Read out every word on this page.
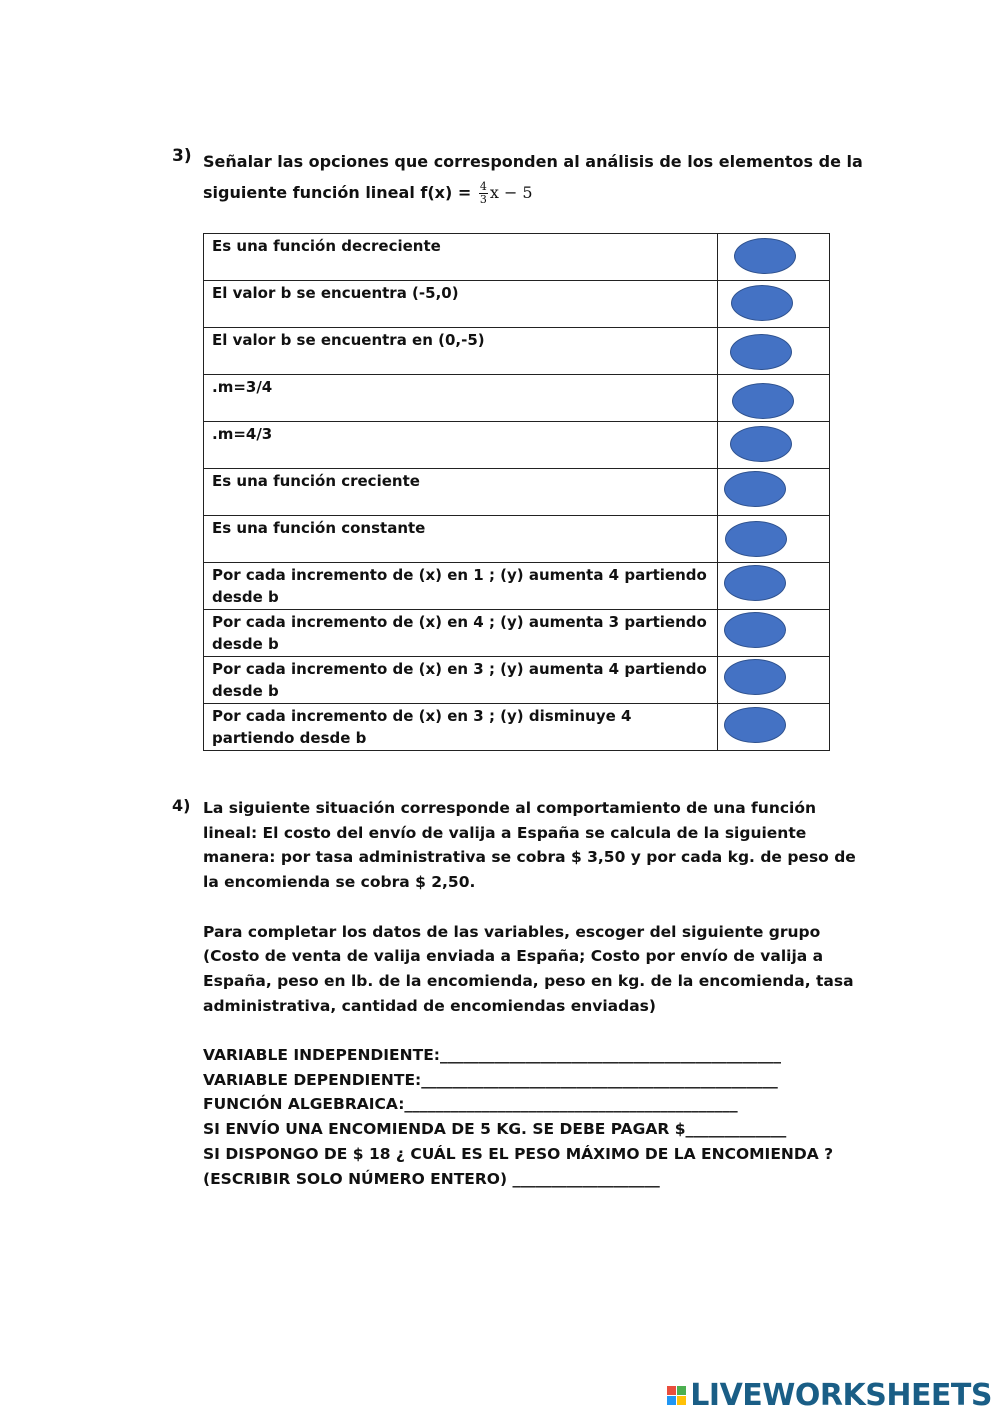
3) Señalar las opciones que corresponden al análisis de los elementos de la
siguiente función lineal $f(x) = \frac{4}{3}$ x − 5
Es una función decreciente	

El valor b se encuentra (-5,0)	

El valor b se encuentra en (0,-5)	

.m=3/4	

.m=4/3	

Es una función creciente	

Es una función constante	

Por cada incremento de (x) en 1 ; (y) aumenta 4 partiendo desde b	

Por cada incremento de (x) en 4 ; (y) aumenta 3 partiendo desde b	

Por cada incremento de (x) en 3 ; (y) aumenta 4 partiendo desde b	

Por cada incremento de (x) en 3 ; (y) disminuye 4 partiendo desde b	
4) La siguiente situación corresponde al comportamiento de una función
lineal: El costo del envío de valija a España se calcula de la siguiente
manera: por tasa administrativa se cobra $ 3,50 y por cada kg. de peso de
la encomienda se cobra $ 2,50.
Para completar los datos de las variables, escoger del siguiente grupo
(Costo de venta de valija enviada a España; Costo por envío de valija a
España, peso en lb. de la encomienda, peso en kg. de la encomienda, tasa
administrativa, cantidad de encomiendas enviadas)
VARIABLE INDEPENDIENTE:____________________________________________
VARIABLE DEPENDIENTE:______________________________________________
FUNCIÓN ALGEBRAICA:___________________________________________
SI ENVÍO UNA ENCOMIENDA DE 5 KG. SE DEBE PAGAR $_____________
SI DISPONGO DE $ 18 ¿ CUÁL ES EL PESO MÁXIMO DE LA ENCOMIENDA ?
(ESCRIBIR SOLO NÚMERO ENTERO) ___________________
LIVEWORKSHEETS
